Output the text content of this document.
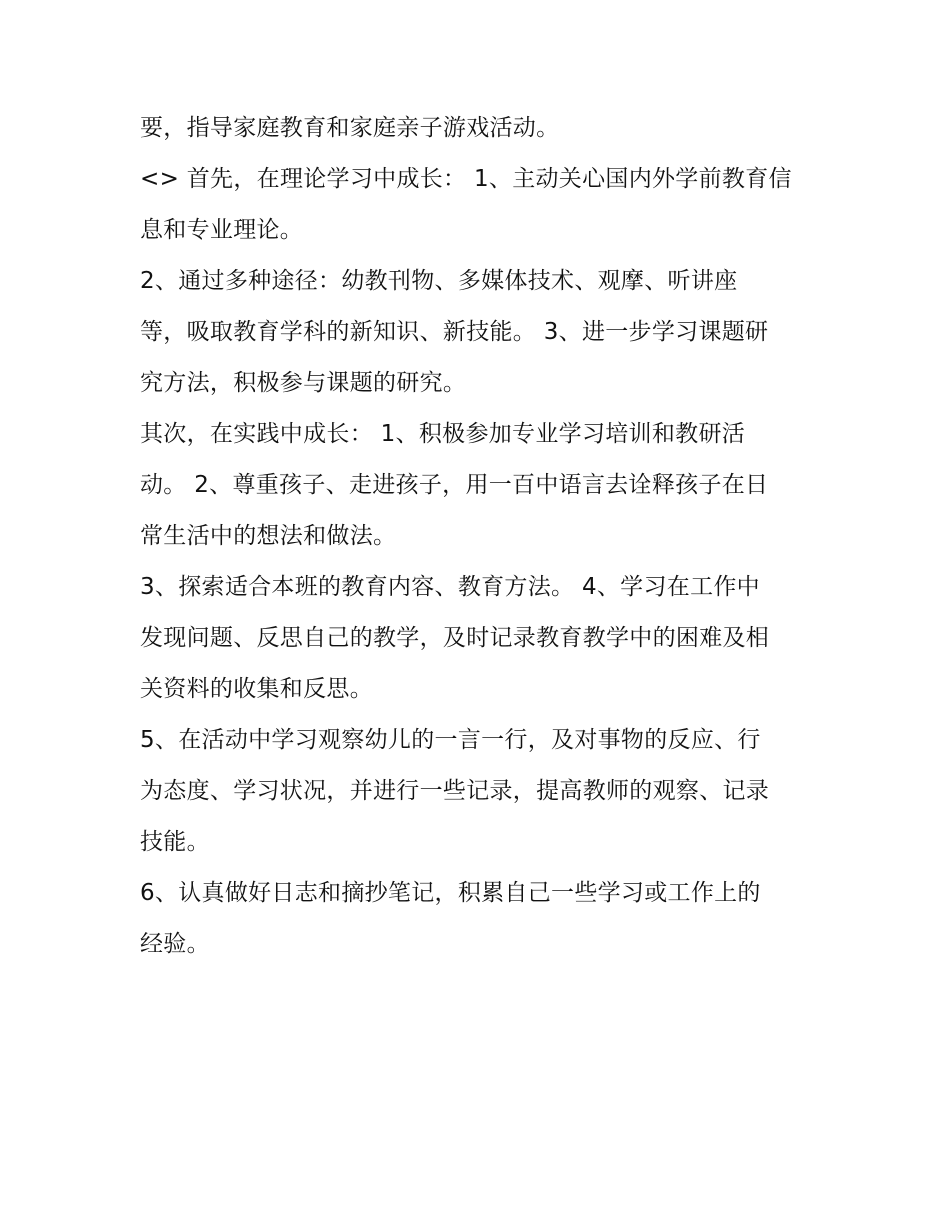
要，指导家庭教育和家庭亲子游戏活动。
<> 首先，在理论学习中成长： 1、主动关心国内外学前教育信
息和专业理论。
2、通过多种途径：幼教刊物、多媒体技术、观摩、听讲座
等，吸取教育学科的新知识、新技能。 3、进一步学习课题研
究方法，积极参与课题的研究。
其次，在实践中成长： 1、积极参加专业学习培训和教研活
动。 2、尊重孩子、走进孩子，用一百中语言去诠释孩子在日
常生活中的想法和做法。
3、探索适合本班的教育内容、教育方法。 4、学习在工作中
发现问题、反思自己的教学，及时记录教育教学中的困难及相
关资料的收集和反思。
5、在活动中学习观察幼儿的一言一行，及对事物的反应、行
为态度、学习状况，并进行一些记录，提高教师的观察、记录
技能。
6、认真做好日志和摘抄笔记，积累自己一些学习或工作上的
经验。
